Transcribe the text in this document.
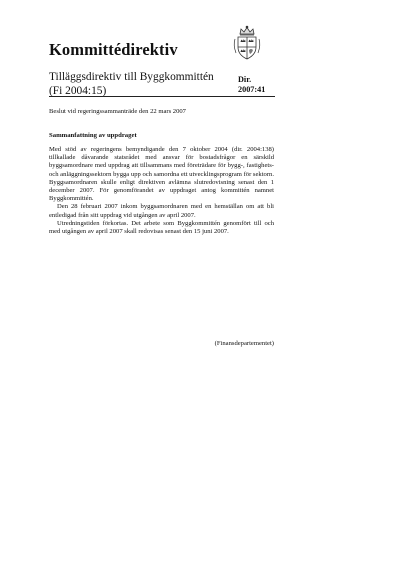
Kommittédirektiv
Tilläggsdirektiv till Byggkommittén
(Fi 2004:15)
Dir.
2007:41
Beslut vid regeringssammanträde den 22 mars 2007
Sammanfattning av uppdraget

Med stöd av regeringens bemyndigande den 7 oktober 2004 (dir. 2004:138) tillkallade dåvarande statsrådet med ansvar för bostadsfrågor en särskild byggsamordnare med uppdrag att tillsammans med företrädare för bygg-, fastighets- och anläggningssektorn bygga upp och samordna ett utvecklingsprogram för sektorn. Byggsamordnaren skulle enligt direktiven avlämna slutredovisning senast den 1 december 2007. För genomförandet av uppdraget antog kommittén namnet Byggkommittén.

Den 28 februari 2007 inkom byggsamordnaren med en hemställan om att bli entledigad från sitt uppdrag vid utgången av april 2007.

Utredningstiden förkortas. Det arbete som Byggkommittén genomfört till och med utgången av april 2007 skall redovisas senast den 15 juni 2007.

(Finansdepartementet)
